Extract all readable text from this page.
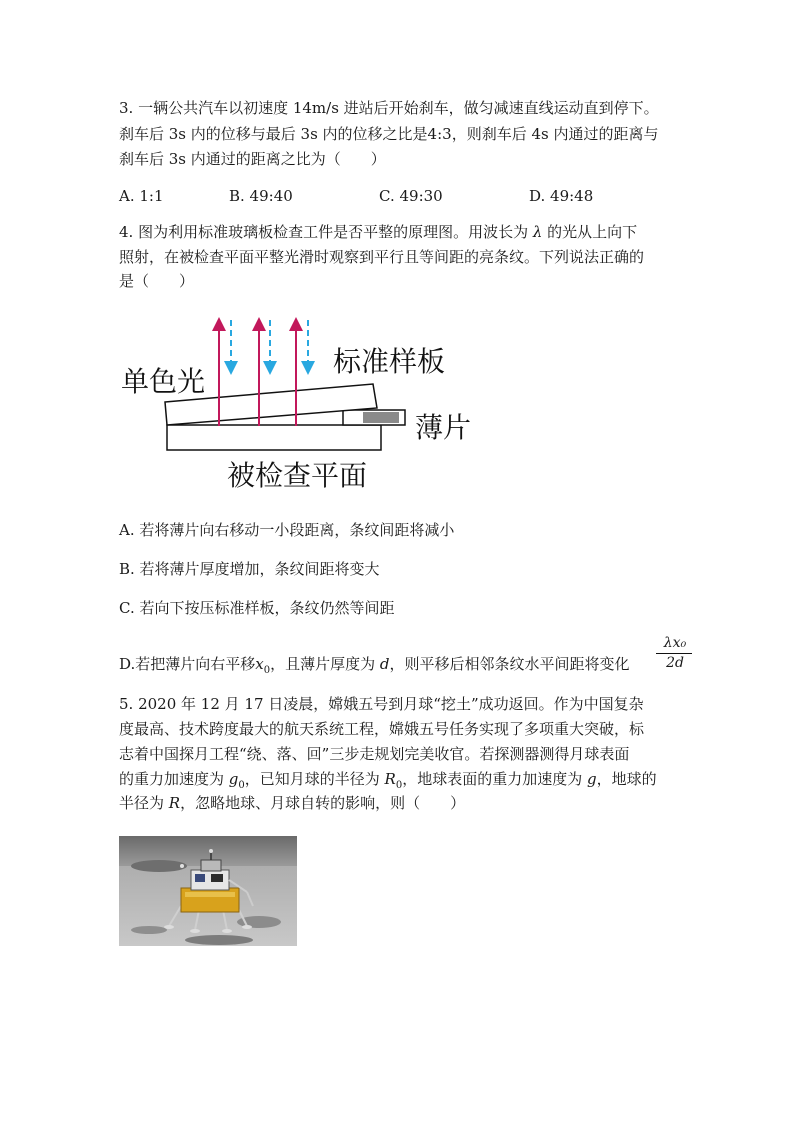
3. 一辆公共汽车以初速度 14m/s 进站后开始刹车，做匀减速直线运动直到停下。
刹车后 3s 内的位移与最后 3s 内的位移之比是4:3，则刹车后 4s 内通过的距离与
刹车后 3s 内通过的距离之比为（　　）
A. 1:1	B. 49:40	C. 49:30	D. 49:48
4. 图为利用标准玻璃板检查工件是否平整的原理图。用波长为 λ 的光从上向下
照射，在被检查平面平整光滑时观察到平行且等间距的亮条纹。下列说法正确的
是（　　）
单色光
标准样板
薄片
被检查平面
A. 若将薄片向右移动一小段距离，条纹间距将减小
B. 若将薄片厚度增加，条纹间距将变大
C. 若向下按压标准样板，条纹仍然等间距
D.若把薄片向右平移$x_0$，且薄片厚度为 d，则平移后相邻条纹水平间距将变化
λx₀
2d
5. 2020 年 12 月 17 日凌晨，嫦娥五号到月球“挖土”成功返回。作为中国复杂
度最高、技术跨度最大的航天系统工程，嫦娥五号任务实现了多项重大突破，标
志着中国探月工程“绕、落、回”三步走规划完美收官。若探测器测得月球表面
的重力加速度为 $g_0$，已知月球的半径为 $R_0$，地球表面的重力加速度为 g，地球的
半径为 R，忽略地球、月球自转的影响，则（　　）
